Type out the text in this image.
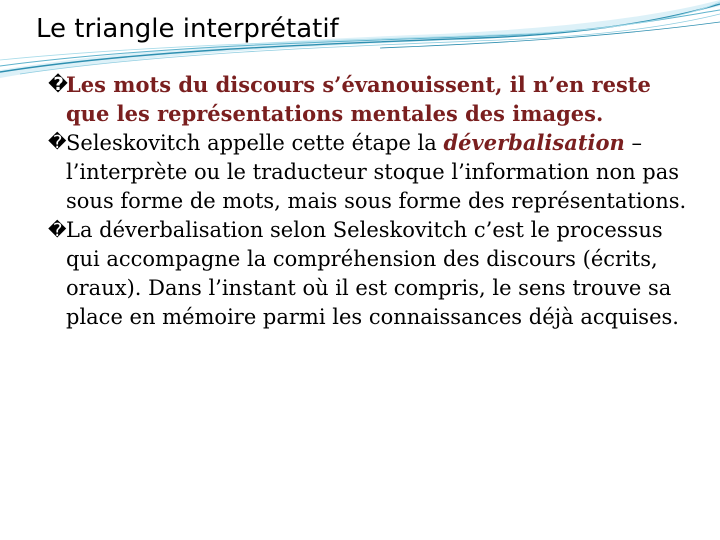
Le triangle interprétatif
�
Les mots du discours s’évanouissent, il n’en reste que les représentations mentales des images.
� Seleskovitch appelle cette étape la déverbalisation – l’interprète ou le traducteur stoque l’information non pas sous forme de mots, mais sous forme des représentations.
� La déverbalisation selon Seleskovitch c’est le processus qui accompagne la compréhension des discours (écrits, oraux). Dans l’instant où il est compris, le sens trouve sa place en mémoire parmi les connaissances déjà acquises.
